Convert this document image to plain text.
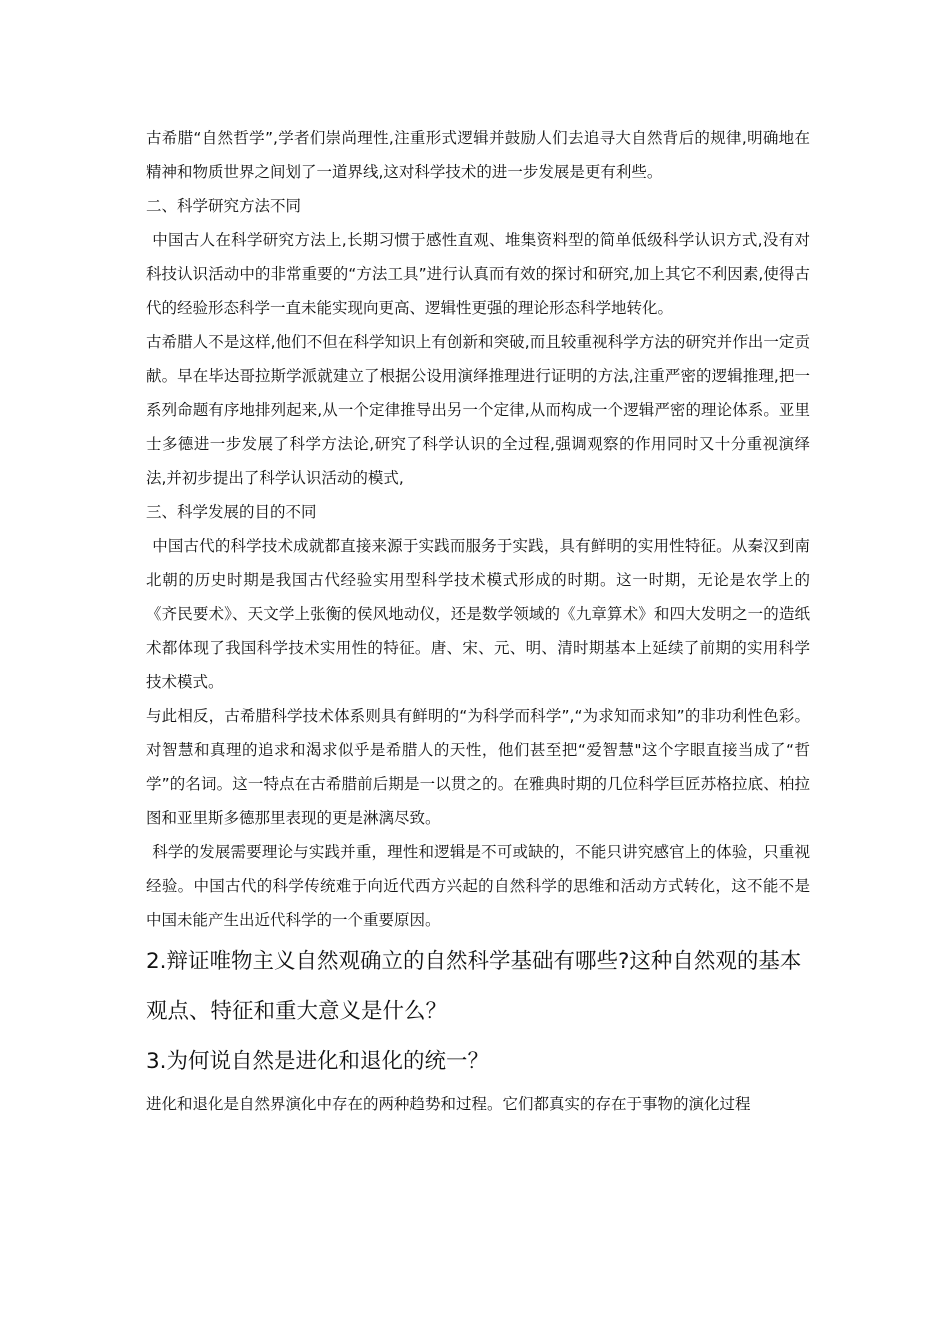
古希腊“自然哲学”,学者们崇尚理性,注重形式逻辑并鼓励人们去追寻大自然背后的规律,明确地在精神和物质世界之间划了一道界线,这对科学技术的进一步发展是更有利些。

二、科学研究方法不同

中国古人在科学研究方法上,长期习惯于感性直观、堆集资料型的简单低级科学认识方式,没有对科技认识活动中的非常重要的“方法工具”进行认真而有效的探讨和研究,加上其它不利因素,使得古代的经验形态科学一直未能实现向更高、逻辑性更强的理论形态科学地转化。

古希腊人不是这样,他们不但在科学知识上有创新和突破,而且较重视科学方法的研究并作出一定贡献。早在毕达哥拉斯学派就建立了根据公设用演绎推理进行证明的方法,注重严密的逻辑推理,把一系列命题有序地排列起来,从一个定律推导出另一个定律,从而构成一个逻辑严密的理论体系。亚里士多德进一步发展了科学方法论,研究了科学认识的全过程,强调观察的作用同时又十分重视演绎法,并初步提出了科学认识活动的模式,

三、科学发展的目的不同

中国古代的科学技术成就都直接来源于实践而服务于实践，具有鲜明的实用性特征。从秦汉到南北朝的历史时期是我国古代经验实用型科学技术模式形成的时期。这一时期，无论是农学上的《齐民要术》、天文学上张衡的侯风地动仪，还是数学领域的《九章算术》和四大发明之一的造纸术都体现了我国科学技术实用性的特征。唐、宋、元、明、清时期基本上延续了前期的实用科学技术模式。

与此相反，古希腊科学技术体系则具有鲜明的“为科学而科学”,“为求知而求知”的非功利性色彩。对智慧和真理的追求和渴求似乎是希腊人的天性，他们甚至把“爱智慧"这个字眼直接当成了“哲学”的名词。这一特点在古希腊前后期是一以贯之的。在雅典时期的几位科学巨匠苏格拉底、柏拉图和亚里斯多德那里表现的更是淋漓尽致。

科学的发展需要理论与实践并重，理性和逻辑是不可或缺的，不能只讲究感官上的体验，只重视经验。中国古代的科学传统难于向近代西方兴起的自然科学的思维和活动方式转化，这不能不是中国未能产生出近代科学的一个重要原因。

2.辩证唯物主义自然观确立的自然科学基础有哪些?这种自然观的基本观点、特征和重大意义是什么？
3.为何说自然是进化和退化的统一？

进化和退化是自然界演化中存在的两种趋势和过程。它们都真实的存在于事物的演化过程
